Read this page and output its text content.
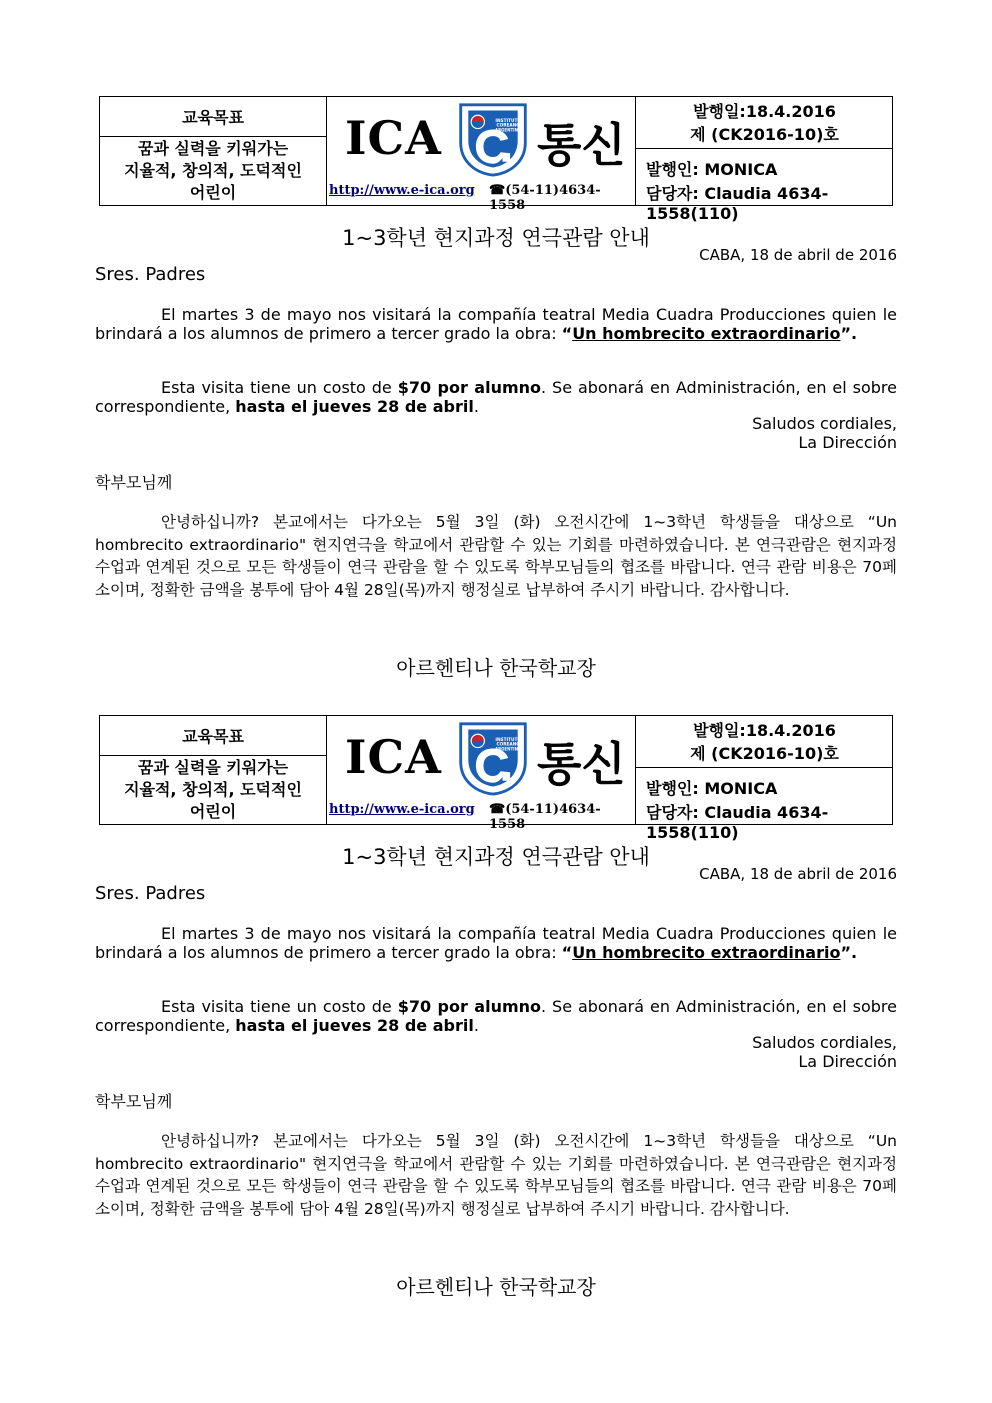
교육목표
꿈과 실력을 키워가는
지율적, 창의적, 도덕적인
어린이
ICA	INSTITUTO
COREANO
ARGENTINO 통신
http://www.e-ica.org ☎(54-11)4634-1558
발행일:18.4.2016
제 (CK2016-10)호
발행인: MONICA
담당자: Claudia 4634-1558(110)
1~3학년 현지과정 연극관람 안내
CABA, 18 de abril de 2016
Sres. Padres
El martes 3 de mayo nos visitará la compañía teatral Media Cuadra Producciones quien le brindará a los alumnos de primero a tercer grado la obra: “Un hombrecito extraordinario”.
Esta visita tiene un costo de $70 por alumno. Se abonará en Administración, en el sobre correspondiente, hasta el jueves 28 de abril.
Saludos cordiales,
La Dirección
학부모님께
안녕하십니까? 본교에서는 다가오는 5월 3일 (화) 오전시간에 1~3학년 학생들을 대상으로 “Un hombrecito extraordinario" 현지연극을 학교에서 관람할 수 있는 기회를 마련하였습니다. 본 연극관람은 현지과정 수업과 연계된 것으로 모든 학생들이 연극 관람을 할 수 있도록 학부모님들의 협조를 바랍니다. 연극 관람 비용은 70페소이며, 정확한 금액을 봉투에 담아 4월 28일(목)까지 행정실로 납부하여 주시기 바랍니다. 감사합니다.
아르헨티나 한국학교장
교육목표
꿈과 실력을 키워가는
지율적, 창의적, 도덕적인
어린이
ICA	INSTITUTO
COREANO
ARGENTINO 통신
http://www.e-ica.org ☎(54-11)4634-1558
발행일:18.4.2016
제 (CK2016-10)호
발행인: MONICA
담당자: Claudia 4634-1558(110)
1~3학년 현지과정 연극관람 안내
CABA, 18 de abril de 2016
Sres. Padres
El martes 3 de mayo nos visitará la compañía teatral Media Cuadra Producciones quien le brindará a los alumnos de primero a tercer grado la obra: “Un hombrecito extraordinario”.
Esta visita tiene un costo de $70 por alumno. Se abonará en Administración, en el sobre correspondiente, hasta el jueves 28 de abril.
Saludos cordiales,
La Dirección
학부모님께
안녕하십니까? 본교에서는 다가오는 5월 3일 (화) 오전시간에 1~3학년 학생들을 대상으로 “Un hombrecito extraordinario" 현지연극을 학교에서 관람할 수 있는 기회를 마련하였습니다. 본 연극관람은 현지과정 수업과 연계된 것으로 모든 학생들이 연극 관람을 할 수 있도록 학부모님들의 협조를 바랍니다. 연극 관람 비용은 70페소이며, 정확한 금액을 봉투에 담아 4월 28일(목)까지 행정실로 납부하여 주시기 바랍니다. 감사합니다.
아르헨티나 한국학교장
